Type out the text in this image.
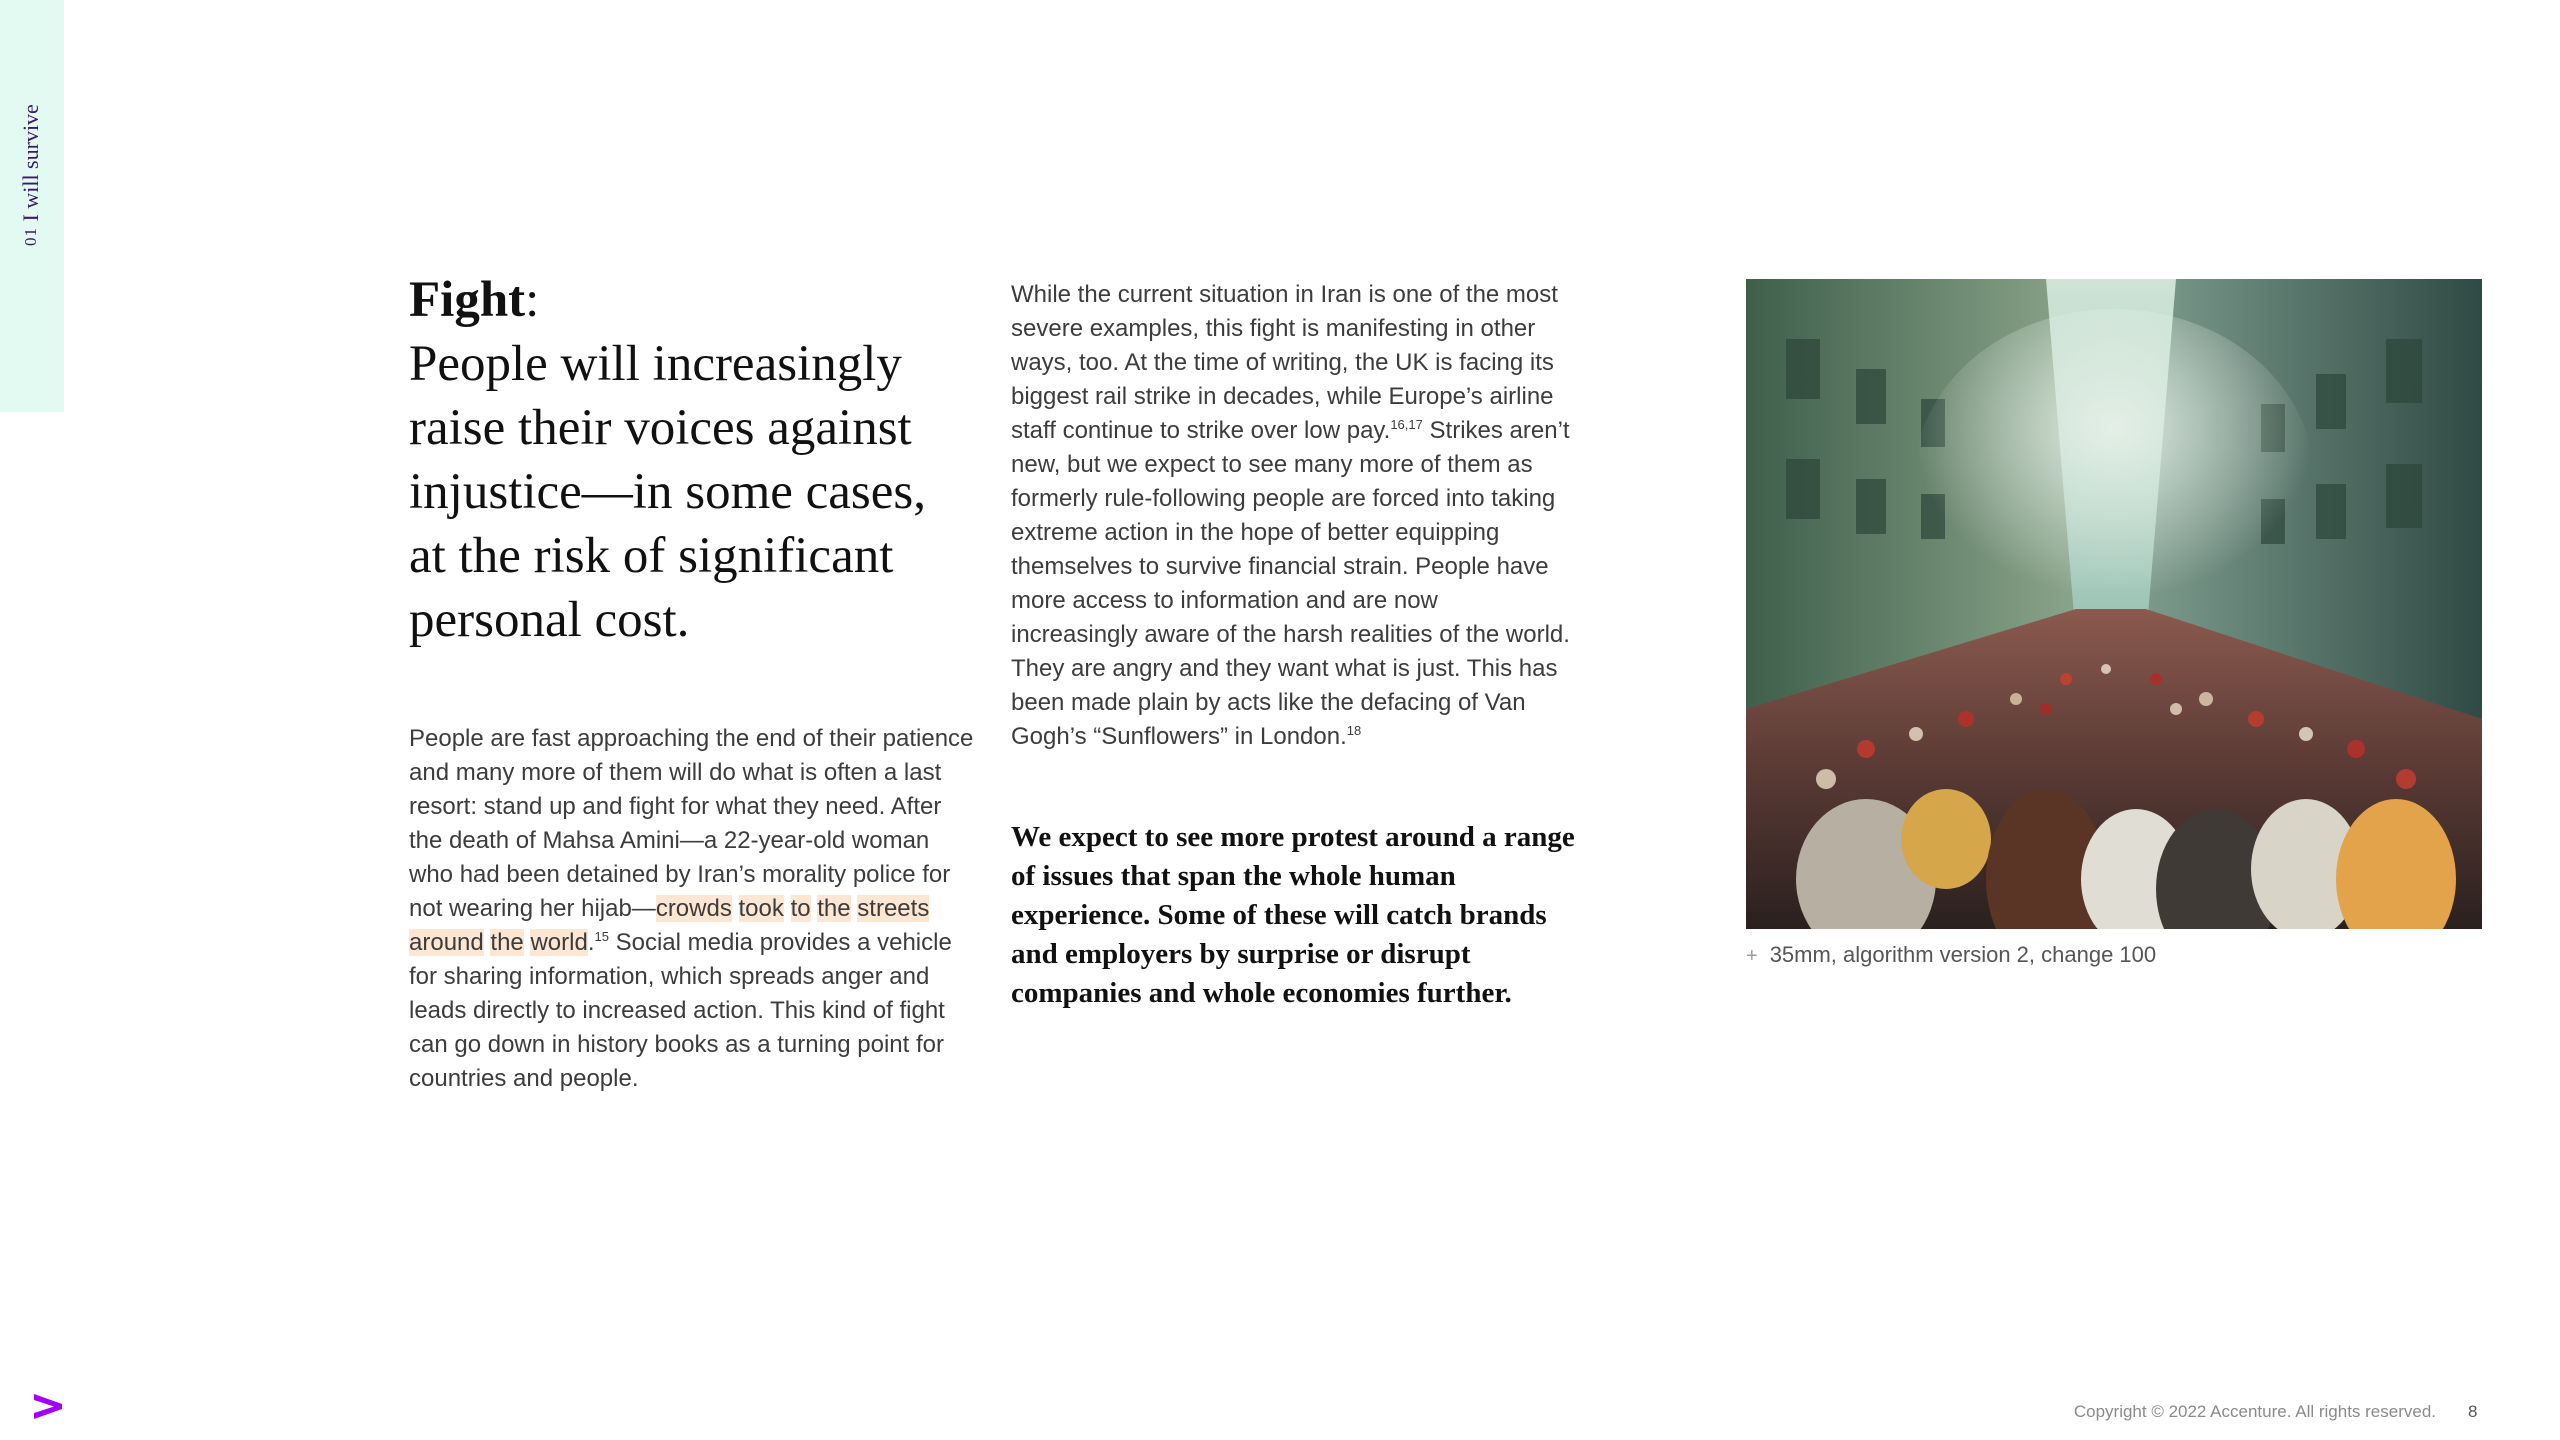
01 I will survive
Fight:
People will increasingly raise their voices against injustice—in some cases, at the risk of significant personal cost.
People are fast approaching the end of their patience and many more of them will do what is often a last resort: stand up and fight for what they need. After the death of Mahsa Amini—a 22-year-old woman who had been detained by Iran’s morality police for not wearing her hijab—crowds took to the streets around the world.$^{15}$ Social media provides a vehicle for sharing information, which spreads anger and leads directly to increased action. This kind of fight can go down in history books as a turning point for countries and people.
While the current situation in Iran is one of the most severe examples, this fight is manifesting in other ways, too. At the time of writing, the UK is facing its biggest rail strike in decades, while Europe’s airline staff continue to strike over low pay.$^{16,17}$ Strikes aren’t new, but we expect to see many more of them as formerly rule-following people are forced into taking extreme action in the hope of better equipping themselves to survive financial strain. People have more access to information and are now increasingly aware of the harsh realities of the world. They are angry and they want what is just. This has been made plain by acts like the defacing of Van Gogh’s “Sunflowers” in London.$^{18}$
We expect to see more protest around a range of issues that span the whole human experience. Some of these will catch brands and employers by surprise or disrupt companies and whole economies further.
+ 35mm, algorithm version 2, change 100
Copyright © 2022 Accenture. All rights reserved. 8
